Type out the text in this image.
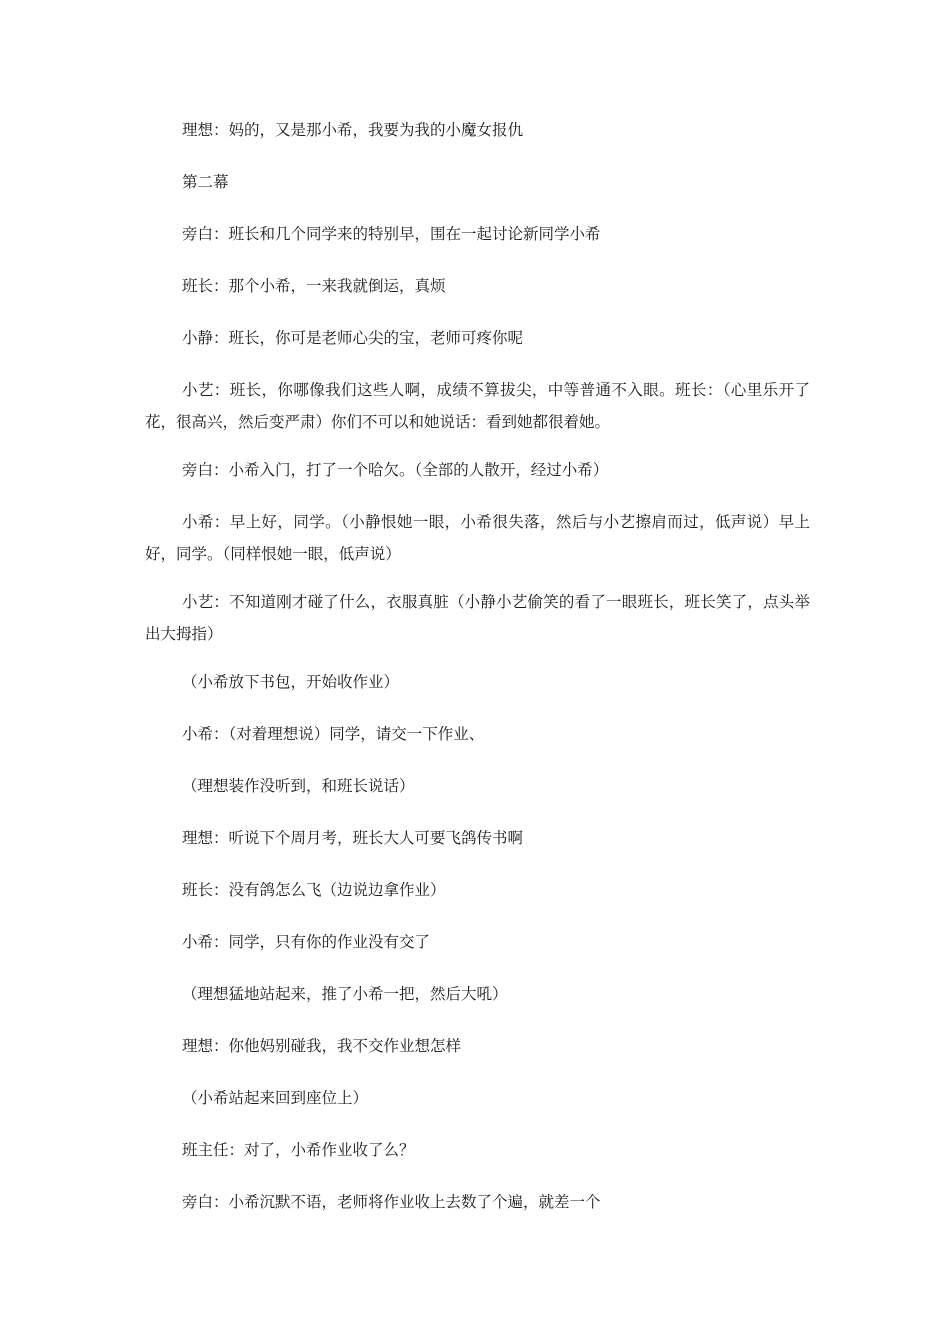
理想：妈的，又是那小希，我要为我的小魔女报仇

第二幕

旁白：班长和几个同学来的特别早，围在一起讨论新同学小希

班长：那个小希，一来我就倒运，真烦

小静：班长，你可是老师心尖的宝，老师可疼你呢

小艺：班长，你哪像我们这些人啊，成绩不算拔尖，中等普通不入眼。班长：（心里乐开了花，很高兴，然后变严肃）你们不可以和她说话：看到她都很着她。

旁白：小希入门，打了一个哈欠。（全部的人散开，经过小希）

小希：早上好，同学。（小静恨她一眼，小希很失落，然后与小艺擦肩而过，低声说）早上好，同学。（同样恨她一眼，低声说）

小艺：不知道刚才碰了什么，衣服真脏（小静小艺偷笑的看了一眼班长，班长笑了，点头举出大拇指）

（小希放下书包，开始收作业）

小希：（对着理想说）同学，请交一下作业、

（理想装作没听到，和班长说话）

理想：听说下个周月考，班长大人可要飞鸽传书啊

班长：没有鸽怎么飞（边说边拿作业）

小希：同学，只有你的作业没有交了

（理想猛地站起来，推了小希一把，然后大吼）

理想：你他妈别碰我，我不交作业想怎样

（小希站起来回到座位上）

班主任：对了，小希作业收了么？

旁白：小希沉默不语，老师将作业收上去数了个遍，就差一个
